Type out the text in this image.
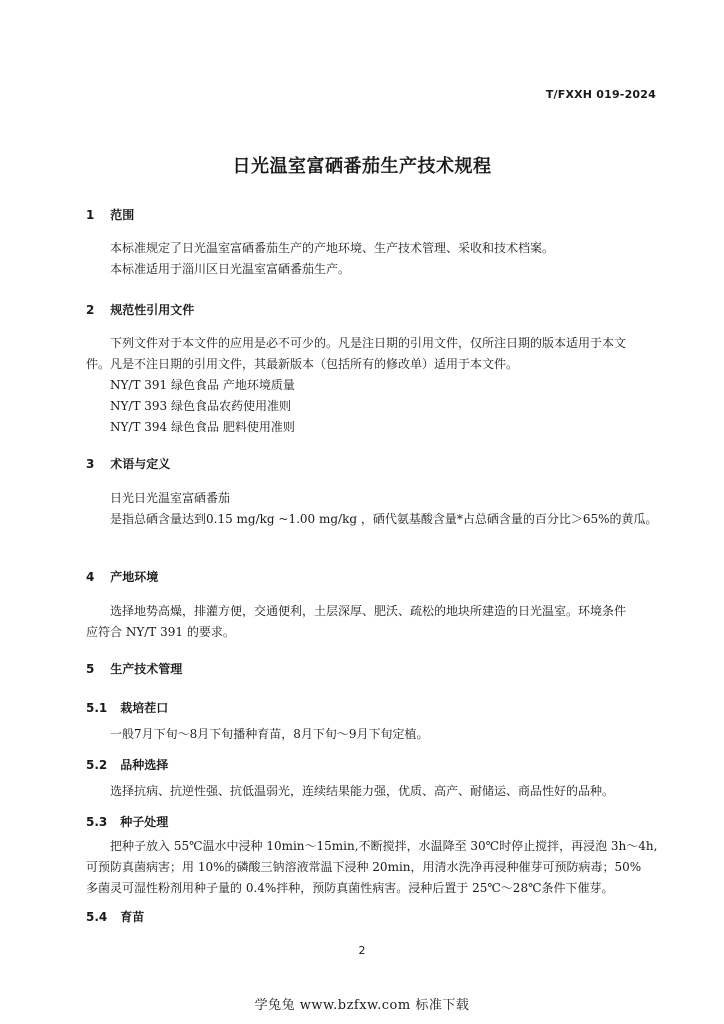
T/FXXH 019-2024
日光温室富硒番茄生产技术规程
1 范围
本标准规定了日光温室富硒番茄生产的产地环境、生产技术管理、采收和技术档案。
本标准适用于淄川区日光温室富硒番茄生产。
2 规范性引用文件
下列文件对于本文件的应用是必不可少的。凡是注日期的引用文件，仅所注日期的版本适用于本文
件。凡是不注日期的引用文件，其最新版本（包括所有的修改单）适用于本文件。
NY/T 391 绿色食品 产地环境质量
NY/T 393 绿色食品农药使用准则
NY/T 394 绿色食品 肥料使用准则
3 术语与定义
日光日光温室富硒番茄
是指总硒含量达到0.15 mg/kg ~1.00 mg/kg ，硒代氨基酸含量*占总硒含量的百分比＞65%的黄瓜。
4 产地环境
选择地势高燥，排灌方便，交通便利，土层深厚、肥沃、疏松的地块所建造的日光温室。环境条件
应符合 NY/T 391 的要求。
5 生产技术管理
5.1 栽培茬口
一般7月下旬～8月下旬播种育苗，8月下旬～9月下旬定植。
5.2 品种选择
选择抗病、抗逆性强、抗低温弱光，连续结果能力强，优质、高产、耐储运、商品性好的品种。
5.3 种子处理
把种子放入 55℃温水中浸种 10min～15min,不断搅拌，水温降至 30℃时停止搅拌，再浸泡 3h～4h,
可预防真菌病害；用 10%的磷酸三钠溶液常温下浸种 20min，用清水洗净再浸种催芽可预防病毒；50%
多菌灵可湿性粉剂用种子量的 0.4%拌种，预防真菌性病害。浸种后置于 25℃～28℃条件下催芽。
5.4 育苗
2
学兔兔 www.bzfxw.com 标准下载
